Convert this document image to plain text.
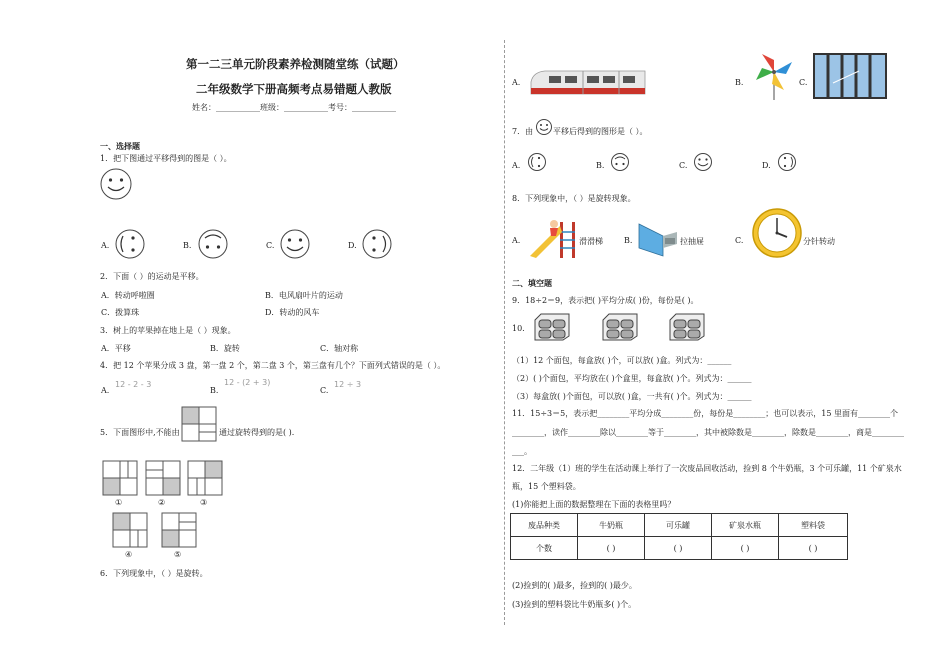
第一二三单元阶段素养检测随堂练（试题）
二年级数学下册高频考点易错题人教版
姓名：___________班级：___________考号：___________
一、选择题
1．把下图通过平移得到的图是（ ）。
A.	B.	C.	D.
2．下面（ ）的运动是平移。
A．转动呼啦圈	B．电风扇叶片的运动
C．拨算珠	D．转动的风车
3．树上的苹果掉在地上是（ ）现象。
A．平移	B．旋转	C．轴对称
4．把 12 个苹果分成 3 盘，第一盘 2 个，第二盘 3 个，第三盘有几个？下面列式错误的是（ ）。
A.
12 - 2 - 3
B.
12 - (2 + 3)
C.
12 ÷ 3
5．下面图形中,不能由	通过旋转得到的是( ).
①	②	③
④	⑤
6．下列现象中，（ ）是旋转。
A.	B.	C.
7．由 平移后得到的图形是（ ）。
A.	B.	C.	D.
8．下列现象中，（ ）是旋转现象。
A.	滑滑梯	B.	拉抽屉	C.	分针转动
二、填空题
9．18÷2＝9，表示把( )平均分成( )份，每份是( )。
10.
（1）12 个面包，每盒放( )个，可以放( )盒。列式为：______
（2）( )个面包，平均放在( )个盒里，每盒放( )个。列式为：______
（3）每盒放( )个面包，可以放( )盒，一共有( )个。列式为：______
11．15÷3＝5，表示把________平均分成________份，每份是________；也可以表示，15 里面有________个
________，读作________除以________等于________，其中被除数是________，除数是________，商是________
___。
12．二年级（1）班的学生在活动课上举行了一次废品回收活动，捡到 8 个牛奶瓶，3 个可乐罐，11 个矿泉水
瓶，15 个塑料袋。
(1)你能把上面的数据整理在下面的表格里吗？
废品种类	牛奶瓶	可乐罐	矿泉水瓶	塑料袋
个数	( )	( )	( )	( )
(2)捡到的( )最多，捡到的( )最少。
(3)捡到的塑料袋比牛奶瓶多( )个。
